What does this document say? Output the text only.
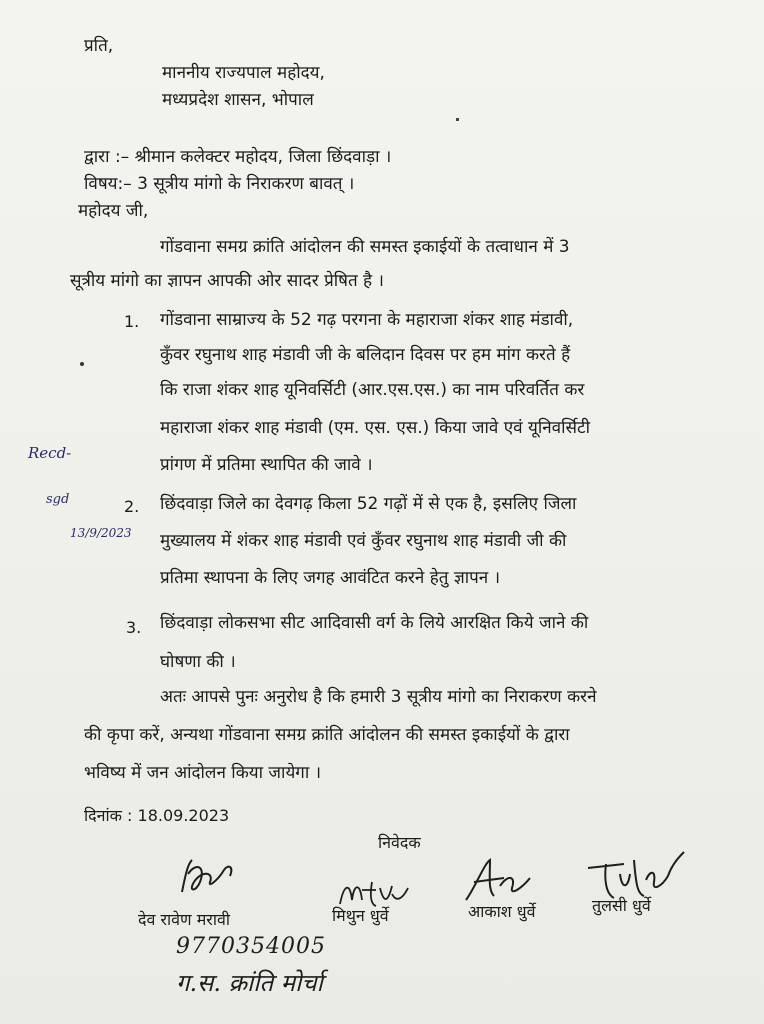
प्रति,
माननीय राज्यपाल महोदय,
मध्यप्रदेश शासन, भोपाल
द्वारा :– श्रीमान कलेक्टर महोदय, जिला छिंदवाड़ा ।
विषय:– 3 सूत्रीय मांगो के निराकरण बावत् ।
महोदय जी,
गोंडवाना समग्र क्रांति आंदोलन की समस्त इकाईयों के तत्वाधान में 3
सूत्रीय मांगो का ज्ञापन आपकी ओर सादर प्रेषित है ।
1. गोंडवाना साम्राज्य के 52 गढ़ परगना के महाराजा शंकर शाह मंडावी,
कुँवर रघुनाथ शाह मंडावी जी के बलिदान दिवस पर हम मांग करते हैं
कि राजा शंकर शाह यूनिवर्सिटी (आर.एस.एस.) का नाम परिवर्तित कर
महाराजा शंकर शाह मंडावी (एम. एस. एस.) किया जावे एवं यूनिवर्सिटी
प्रांगण में प्रतिमा स्थापित की जावे ।
2. छिंदवाड़ा जिले का देवगढ़ किला 52 गढ़ों में से एक है, इसलिए जिला
मुख्यालय में शंकर शाह मंडावी एवं कुँवर रघुनाथ शाह मंडावी जी की
प्रतिमा स्थापना के लिए जगह आवंटित करने हेतु ज्ञापन ।
3. छिंदवाड़ा लोकसभा सीट आदिवासी वर्ग के लिये आरक्षित किये जाने की
घोषणा की ।
अतः आपसे पुनः अनुरोध है कि हमारी 3 सूत्रीय मांगो का निराकरण करने
की कृपा करें, अन्यथा गोंडवाना समग्र क्रांति आंदोलन की समस्त इकाईयों के द्वारा
भविष्य में जन आंदोलन किया जायेगा ।
दिनांक : 18.09.2023
निवेदक
देव रावेण मरावी	मिथुन धुर्वे	आकाश धुर्वे	तुलसी धुर्वे
Recd-
sgd
13/9/2023
9770354005
ग.स. क्रांति मोर्चा
